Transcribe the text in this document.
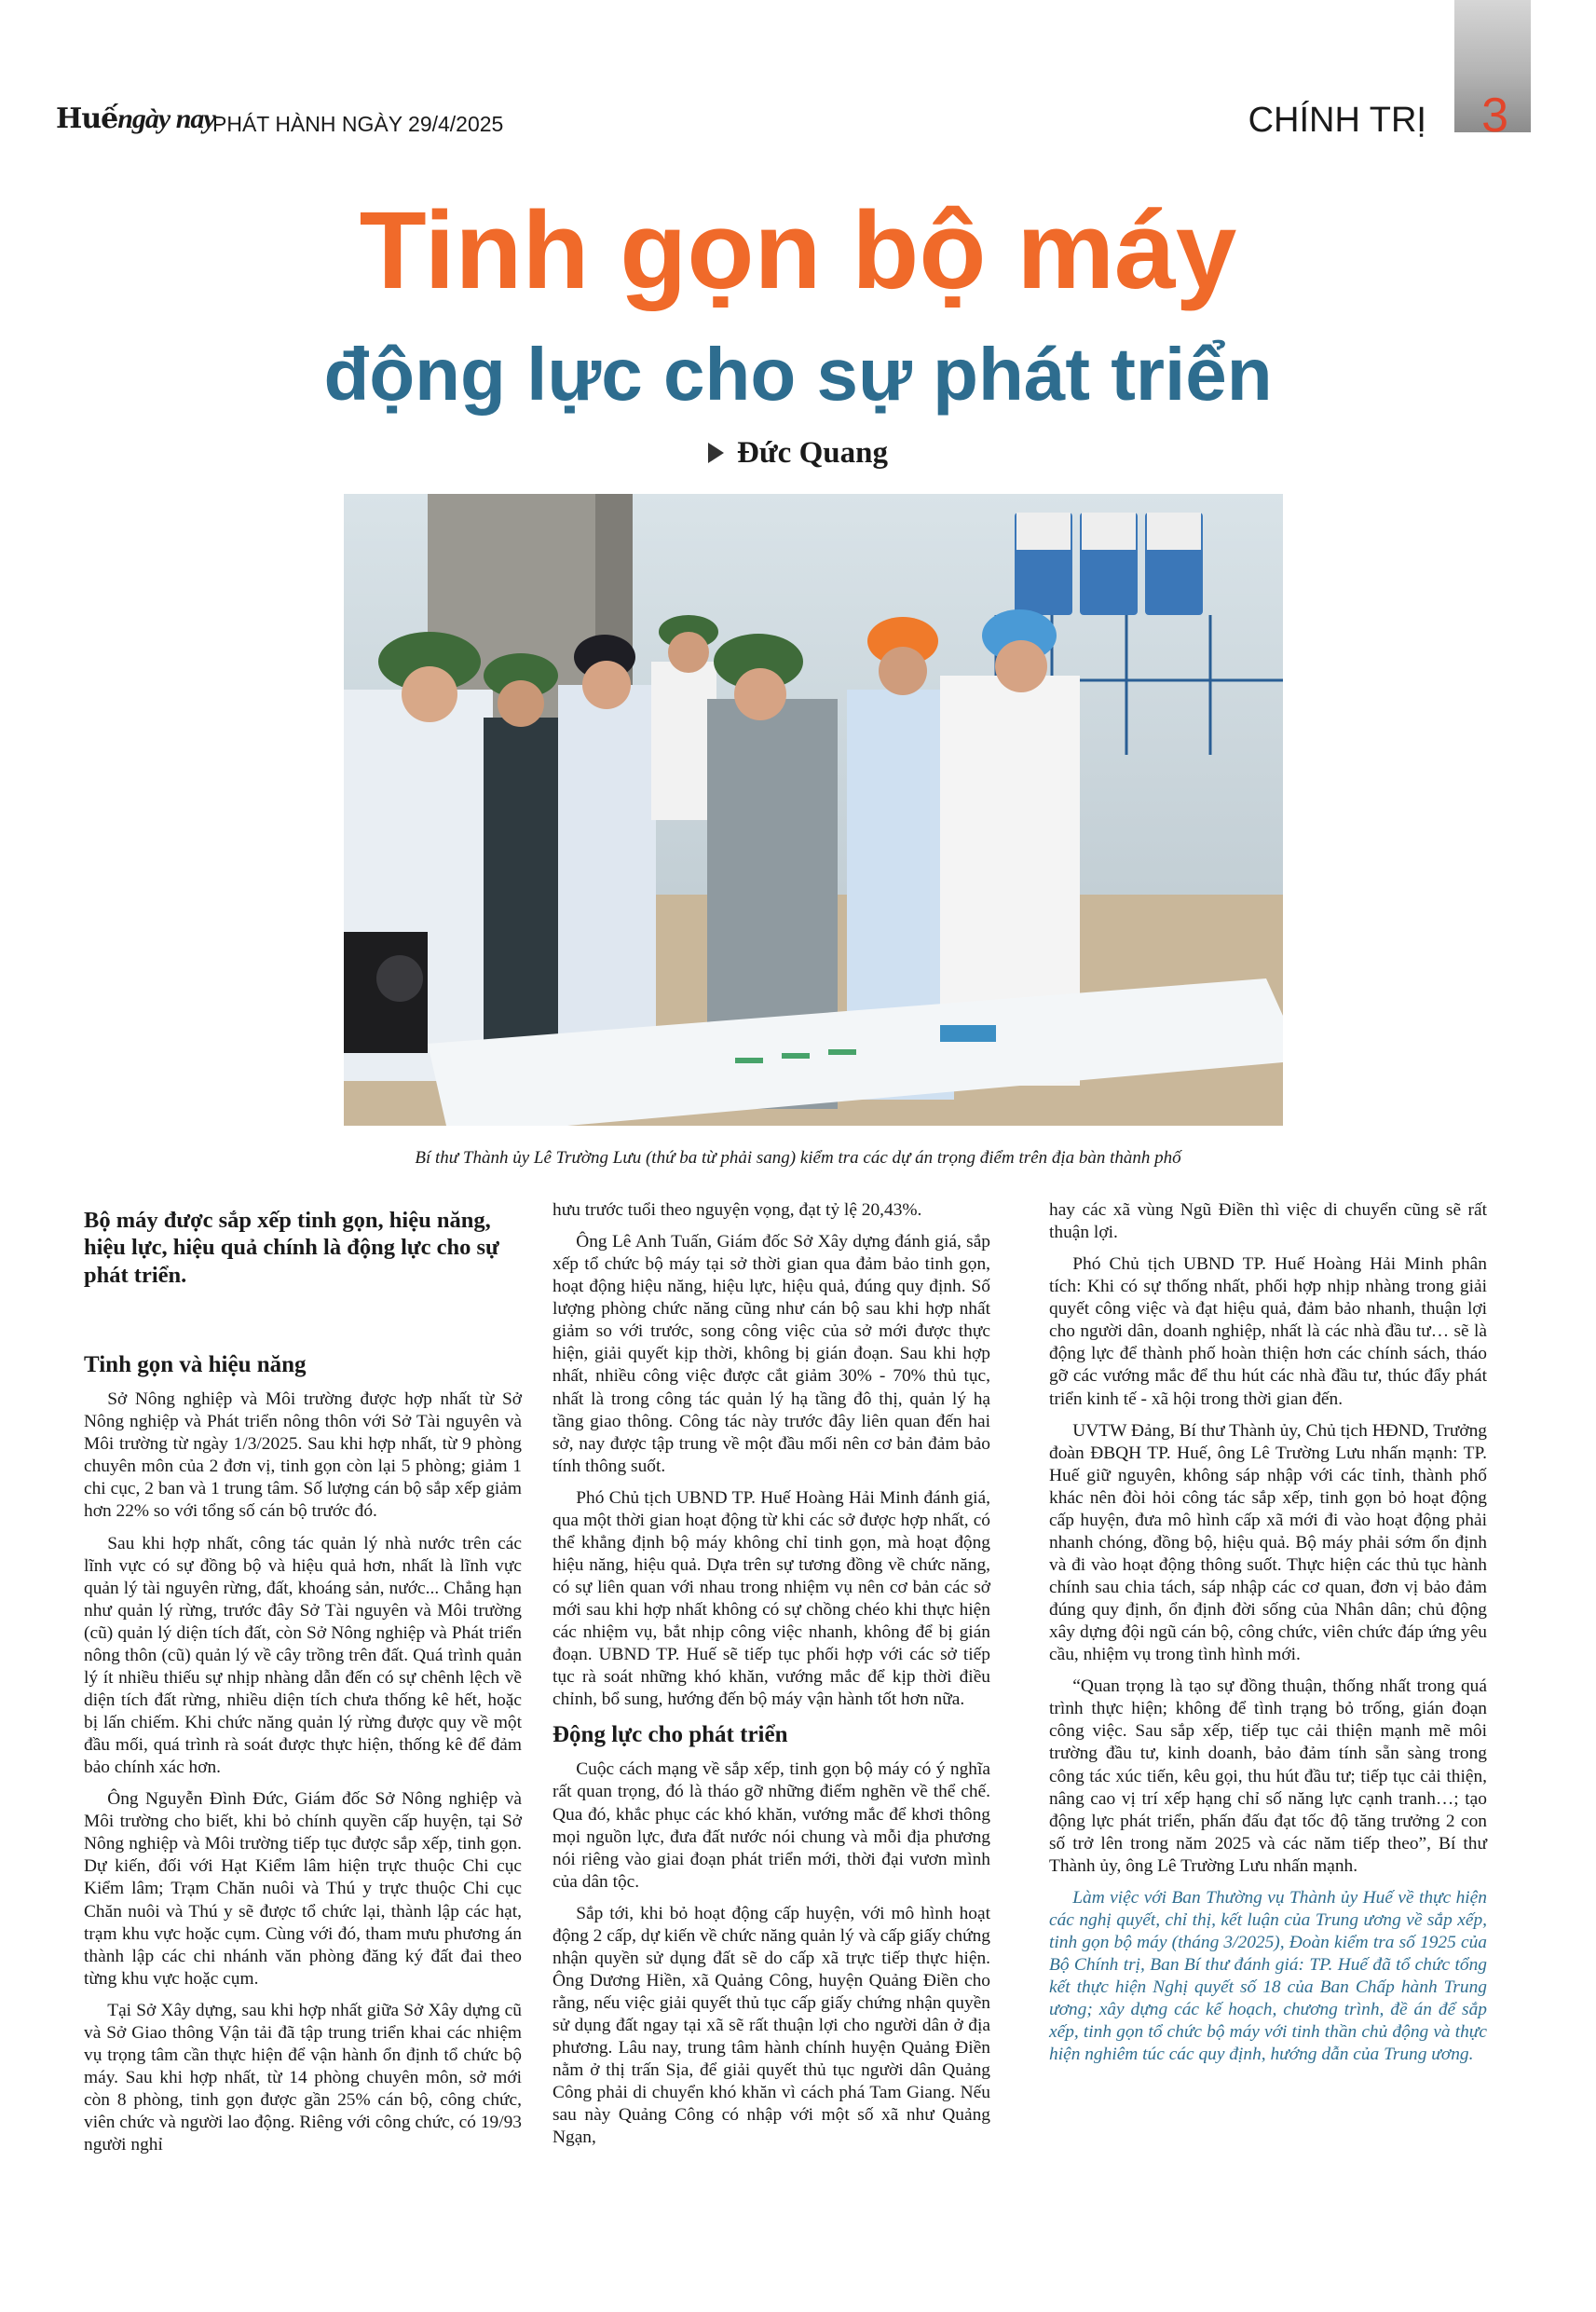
Huếngày nay
PHÁT HÀNH NGÀY 29/4/2025	CHÍNH TRỊ 3
Tinh gọn bộ máy
động lực cho sự phát triển
Đức Quang
Bí thư Thành ủy Lê Trường Lưu (thứ ba từ phải sang) kiểm tra các dự án trọng điểm trên địa bàn thành phố

Bộ máy được sắp xếp tinh gọn, hiệu năng, hiệu lực, hiệu quả chính là động lực cho sự phát triển.

Tinh gọn và hiệu năng

Sở Nông nghiệp và Môi trường được hợp nhất từ Sở Nông nghiệp và Phát triển nông thôn với Sở Tài nguyên và Môi trường từ ngày 1/3/2025. Sau khi hợp nhất, từ 9 phòng chuyên môn của 2 đơn vị, tinh gọn còn lại 5 phòng; giảm 1 chi cục, 2 ban và 1 trung tâm. Số lượng cán bộ sắp xếp giảm hơn 22% so với tổng số cán bộ trước đó.

Sau khi hợp nhất, công tác quản lý nhà nước trên các lĩnh vực có sự đồng bộ và hiệu quả hơn, nhất là lĩnh vực quản lý tài nguyên rừng, đất, khoáng sản, nước... Chẳng hạn như quản lý rừng, trước đây Sở Tài nguyên và Môi trường (cũ) quản lý diện tích đất, còn Sở Nông nghiệp và Phát triển nông thôn (cũ) quản lý về cây trồng trên đất. Quá trình quản lý ít nhiều thiếu sự nhịp nhàng dẫn đến có sự chênh lệch về diện tích đất rừng, nhiều diện tích chưa thống kê hết, hoặc bị lấn chiếm. Khi chức năng quản lý rừng được quy về một đầu mối, quá trình rà soát được thực hiện, thống kê để đảm bảo chính xác hơn.

Ông Nguyễn Đình Đức, Giám đốc Sở Nông nghiệp và Môi trường cho biết, khi bỏ chính quyền cấp huyện, tại Sở Nông nghiệp và Môi trường tiếp tục được sắp xếp, tinh gọn. Dự kiến, đối với Hạt Kiểm lâm hiện trực thuộc Chi cục Kiểm lâm; Trạm Chăn nuôi và Thú y trực thuộc Chi cục Chăn nuôi và Thú y sẽ được tổ chức lại, thành lập các hạt, trạm khu vực hoặc cụm. Cùng với đó, tham mưu phương án thành lập các chi nhánh văn phòng đăng ký đất đai theo từng khu vực hoặc cụm.

Tại Sở Xây dựng, sau khi hợp nhất giữa Sở Xây dựng cũ và Sở Giao thông Vận tải đã tập trung triển khai các nhiệm vụ trọng tâm cần thực hiện để vận hành ổn định tổ chức bộ máy. Sau khi hợp nhất, từ 14 phòng chuyên môn, sở mới còn 8 phòng, tinh gọn được gần 25% cán bộ, công chức, viên chức và người lao động. Riêng với công chức, có 19/93 người nghỉ

hưu trước tuổi theo nguyện vọng, đạt tỷ lệ 20,43%.

Ông Lê Anh Tuấn, Giám đốc Sở Xây dựng đánh giá, sắp xếp tổ chức bộ máy tại sở thời gian qua đảm bảo tinh gọn, hoạt động hiệu năng, hiệu lực, hiệu quả, đúng quy định. Số lượng phòng chức năng cũng như cán bộ sau khi hợp nhất giảm so với trước, song công việc của sở mới được thực hiện, giải quyết kịp thời, không bị gián đoạn. Sau khi hợp nhất, nhiều công việc được cắt giảm 30% - 70% thủ tục, nhất là trong công tác quản lý hạ tầng đô thị, quản lý hạ tầng giao thông. Công tác này trước đây liên quan đến hai sở, nay được tập trung về một đầu mối nên cơ bản đảm bảo tính thông suốt.

Phó Chủ tịch UBND TP. Huế Hoàng Hải Minh đánh giá, qua một thời gian hoạt động từ khi các sở được hợp nhất, có thể khẳng định bộ máy không chỉ tinh gọn, mà hoạt động hiệu năng, hiệu quả. Dựa trên sự tương đồng về chức năng, có sự liên quan với nhau trong nhiệm vụ nên cơ bản các sở mới sau khi hợp nhất không có sự chồng chéo khi thực hiện các nhiệm vụ, bắt nhịp công việc nhanh, không để bị gián đoạn. UBND TP. Huế sẽ tiếp tục phối hợp với các sở tiếp tục rà soát những khó khăn, vướng mắc để kịp thời điều chỉnh, bổ sung, hướng đến bộ máy vận hành tốt hơn nữa.

Động lực cho phát triển

Cuộc cách mạng về sắp xếp, tinh gọn bộ máy có ý nghĩa rất quan trọng, đó là tháo gỡ những điểm nghẽn về thể chế. Qua đó, khắc phục các khó khăn, vướng mắc để khơi thông mọi nguồn lực, đưa đất nước nói chung và mỗi địa phương nói riêng vào giai đoạn phát triển mới, thời đại vươn mình của dân tộc.

Sắp tới, khi bỏ hoạt động cấp huyện, với mô hình hoạt động 2 cấp, dự kiến về chức năng quản lý và cấp giấy chứng nhận quyền sử dụng đất sẽ do cấp xã trực tiếp thực hiện. Ông Dương Hiền, xã Quảng Công, huyện Quảng Điền cho rằng, nếu việc giải quyết thủ tục cấp giấy chứng nhận quyền sử dụng đất ngay tại xã sẽ rất thuận lợi cho người dân ở địa phương. Lâu nay, trung tâm hành chính huyện Quảng Điền nằm ở thị trấn Sịa, để giải quyết thủ tục người dân Quảng Công phải di chuyển khó khăn vì cách phá Tam Giang. Nếu sau này Quảng Công có nhập với một số xã như Quảng Ngạn,

hay các xã vùng Ngũ Điền thì việc di chuyển cũng sẽ rất thuận lợi.

Phó Chủ tịch UBND TP. Huế Hoàng Hải Minh phân tích: Khi có sự thống nhất, phối hợp nhịp nhàng trong giải quyết công việc và đạt hiệu quả, đảm bảo nhanh, thuận lợi cho người dân, doanh nghiệp, nhất là các nhà đầu tư… sẽ là động lực để thành phố hoàn thiện hơn các chính sách, tháo gỡ các vướng mắc để thu hút các nhà đầu tư, thúc đẩy phát triển kinh tế - xã hội trong thời gian đến.

UVTW Đảng, Bí thư Thành ủy, Chủ tịch HĐND, Trưởng đoàn ĐBQH TP. Huế, ông Lê Trường Lưu nhấn mạnh: TP. Huế giữ nguyên, không sáp nhập với các tỉnh, thành phố khác nên đòi hỏi công tác sắp xếp, tinh gọn bỏ hoạt động cấp huyện, đưa mô hình cấp xã mới đi vào hoạt động phải nhanh chóng, đồng bộ, hiệu quả. Bộ máy phải sớm ổn định và đi vào hoạt động thông suốt. Thực hiện các thủ tục hành chính sau chia tách, sáp nhập các cơ quan, đơn vị bảo đảm đúng quy định, ổn định đời sống của Nhân dân; chủ động xây dựng đội ngũ cán bộ, công chức, viên chức đáp ứng yêu cầu, nhiệm vụ trong tình hình mới.

“Quan trọng là tạo sự đồng thuận, thống nhất trong quá trình thực hiện; không để tình trạng bỏ trống, gián đoạn công việc. Sau sắp xếp, tiếp tục cải thiện mạnh mẽ môi trường đầu tư, kinh doanh, bảo đảm tính sẵn sàng trong công tác xúc tiến, kêu gọi, thu hút đầu tư; tiếp tục cải thiện, nâng cao vị trí xếp hạng chỉ số năng lực cạnh tranh…; tạo động lực phát triển, phấn đấu đạt tốc độ tăng trưởng 2 con số trở lên trong năm 2025 và các năm tiếp theo”, Bí thư Thành ủy, ông Lê Trường Lưu nhấn mạnh.

Làm việc với Ban Thường vụ Thành ủy Huế về thực hiện các nghị quyết, chỉ thị, kết luận của Trung ương về sắp xếp, tinh gọn bộ máy (tháng 3/2025), Đoàn kiểm tra số 1925 của Bộ Chính trị, Ban Bí thư đánh giá: TP. Huế đã tổ chức tổng kết thực hiện Nghị quyết số 18 của Ban Chấp hành Trung ương; xây dựng các kế hoạch, chương trình, đề án để sắp xếp, tinh gọn tổ chức bộ máy với tinh thần chủ động và thực hiện nghiêm túc các quy định, hướng dẫn của Trung ương.
